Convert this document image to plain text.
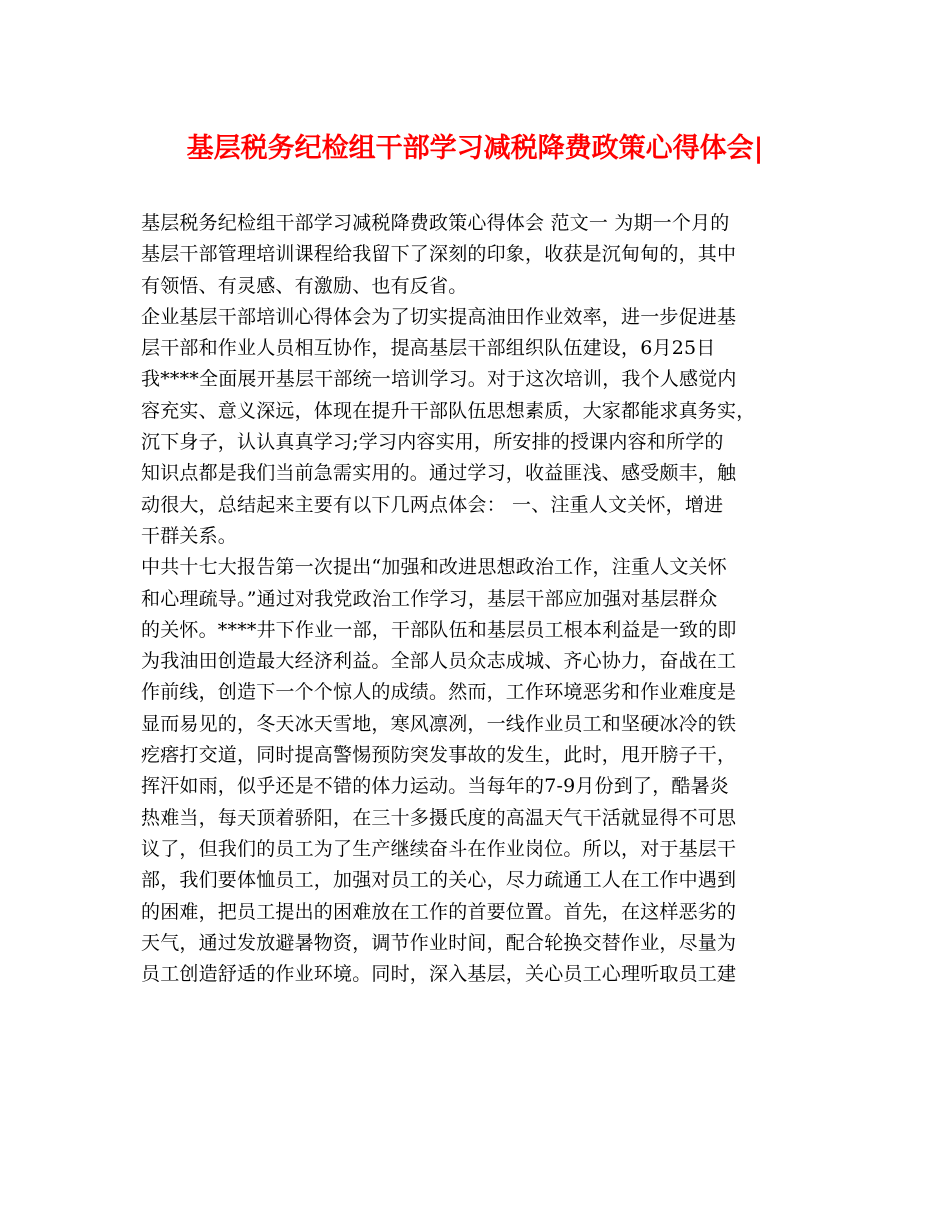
基层税务纪检组干部学习减税降费政策心得体会|
基层税务纪检组干部学习减税降费政策心得体会 范文一 为期一个月的
基层干部管理培训课程给我留下了深刻的印象，收获是沉甸甸的，其中
有领悟、有灵感、有激励、也有反省。
企业基层干部培训心得体会为了切实提高油田作业效率，进一步促进基
层干部和作业人员相互协作，提高基层干部组织队伍建设，6月25日
我****全面展开基层干部统一培训学习。对于这次培训，我个人感觉内
容充实、意义深远，体现在提升干部队伍思想素质，大家都能求真务实，
沉下身子，认认真真学习;学习内容实用，所安排的授课内容和所学的
知识点都是我们当前急需实用的。通过学习，收益匪浅、感受颇丰，触
动很大，总结起来主要有以下几两点体会： 一、注重人文关怀，增进
干群关系。
中共十七大报告第一次提出“加强和改进思想政治工作，注重人文关怀
和心理疏导。”通过对我党政治工作学习，基层干部应加强对基层群众
的关怀。****井下作业一部，干部队伍和基层员工根本利益是一致的即
为我油田创造最大经济利益。全部人员众志成城、齐心协力，奋战在工
作前线，创造下一个个惊人的成绩。然而，工作环境恶劣和作业难度是
显而易见的，冬天冰天雪地，寒风凛冽，一线作业员工和坚硬冰冷的铁
疙瘩打交道，同时提高警惕预防突发事故的发生，此时，甩开膀子干，
挥汗如雨，似乎还是不错的体力运动。当每年的7-9月份到了，酷暑炎
热难当，每天顶着骄阳，在三十多摄氏度的高温天气干活就显得不可思
议了，但我们的员工为了生产继续奋斗在作业岗位。所以，对于基层干
部，我们要体恤员工，加强对员工的关心，尽力疏通工人在工作中遇到
的困难，把员工提出的困难放在工作的首要位置。首先，在这样恶劣的
天气，通过发放避暑物资，调节作业时间，配合轮换交替作业，尽量为
员工创造舒适的作业环境。同时，深入基层，关心员工心理听取员工建
